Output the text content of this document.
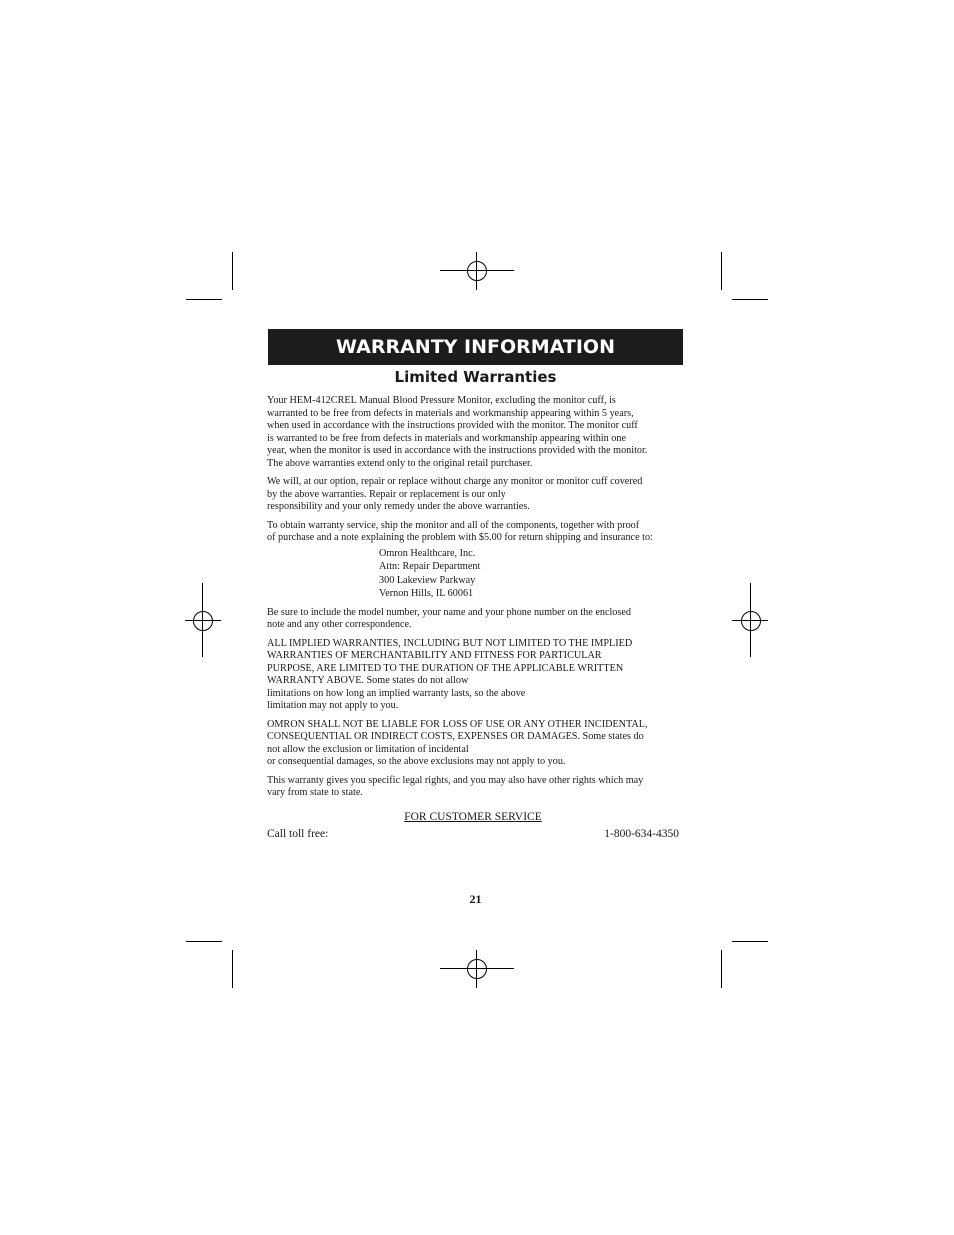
WARRANTY INFORMATION
Limited Warranties

Your HEM-412CREL Manual Blood Pressure Monitor, excluding the monitor cuff, is
warranted to be free from defects in materials and workmanship appearing within 5 years,
when used in accordance with the instructions provided with the monitor. The monitor cuff
is warranted to be free from defects in materials and workmanship appearing within one
year, when the monitor is used in accordance with the instructions provided with the monitor.
The above warranties extend only to the original retail purchaser.

We will, at our option, repair or replace without charge any monitor or monitor cuff covered
by the above warranties. Repair or replacement is our only
responsibility and your only remedy under the above warranties.

To obtain warranty service, ship the monitor and all of the components, together with proof
of purchase and a note explaining the problem with $5.00 for return shipping and insurance to:

Omron Healthcare, Inc.
Attn: Repair Department
300 Lakeview Parkway
Vernon Hills, IL 60061

Be sure to include the model number, your name and your phone number on the enclosed
note and any other correspondence.

ALL IMPLIED WARRANTIES, INCLUDING BUT NOT LIMITED TO THE IMPLIED
WARRANTIES OF MERCHANTABILITY AND FITNESS FOR PARTICULAR
PURPOSE, ARE LIMITED TO THE DURATION OF THE APPLICABLE WRITTEN
WARRANTY ABOVE. Some states do not allow
limitations on how long an implied warranty lasts, so the above
limitation may not apply to you.

OMRON SHALL NOT BE LIABLE FOR LOSS OF USE OR ANY OTHER INCIDENTAL,
CONSEQUENTIAL OR INDIRECT COSTS, EXPENSES OR DAMAGES. Some states do
not allow the exclusion or limitation of incidental
or consequential damages, so the above exclusions may not apply to you.

This warranty gives you specific legal rights, and you may also have other rights which may
vary from state to state.

FOR CUSTOMER SERVICE
Call toll free:	1-800-634-4350
21
